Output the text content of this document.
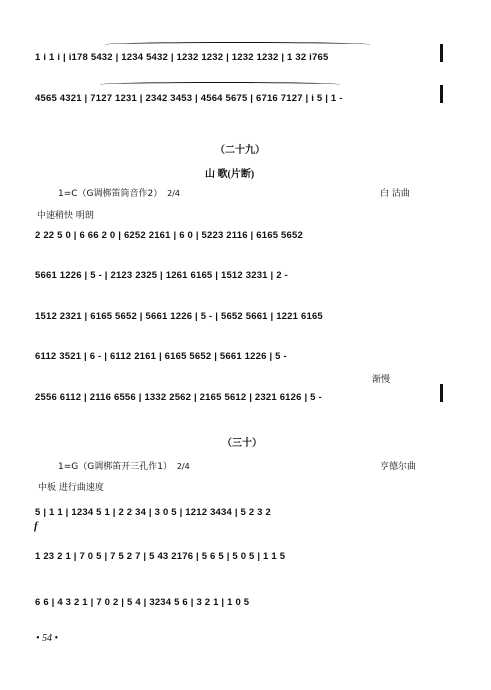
1 i 1 i | i178 5432 | 1234 5432 | 1232 1232 | 1232 1232 | 1 32 i765
4565 4321 | 7127 1231 | 2342 3453 | 4564 5675 | 6716 7127 | i 5 | 1 -
（二十九）
山 歌(片断)
1=C（G调梆笛筒音作2） 2/4	白 沽曲
中速稍快 明朗
2 22 5 0 | 6 66 2 0 | 6252 2161 | 6 0 | 5223 2116 | 6165 5652
5661 1226 | 5 - | 2123 2325 | 1261 6165 | 1512 3231 | 2 -
1512 2321 | 6165 5652 | 5661 1226 | 5 - | 5652 5661 | 1221 6165
6112 3521 | 6 - | 6112 2161 | 6165 5652 | 5661 1226 | 5 -
渐慢
2556 6112 | 2116 6556 | 1332 2562 | 2165 5612 | 2321 6126 | 5 -
（三十）
1=G（G调梆笛开三孔作1） 2/4	亨德尔曲
中板 进行曲速度
f
5 | 1 1 | 1234 5 1 | 2 2 34 | 3 0 5 | 1212 3434 | 5 2 3 2
1 23 2 1 | 7 0 5 | 7 5 2 7 | 5 43 2176 | 5 6 5 | 5 0 5 | 1 1 5
6 6 | 4 3 2 1 | 7 0 2 | 5 4 | 3234 5 6 | 3 2 1 | 1 0 5
• 54 •
